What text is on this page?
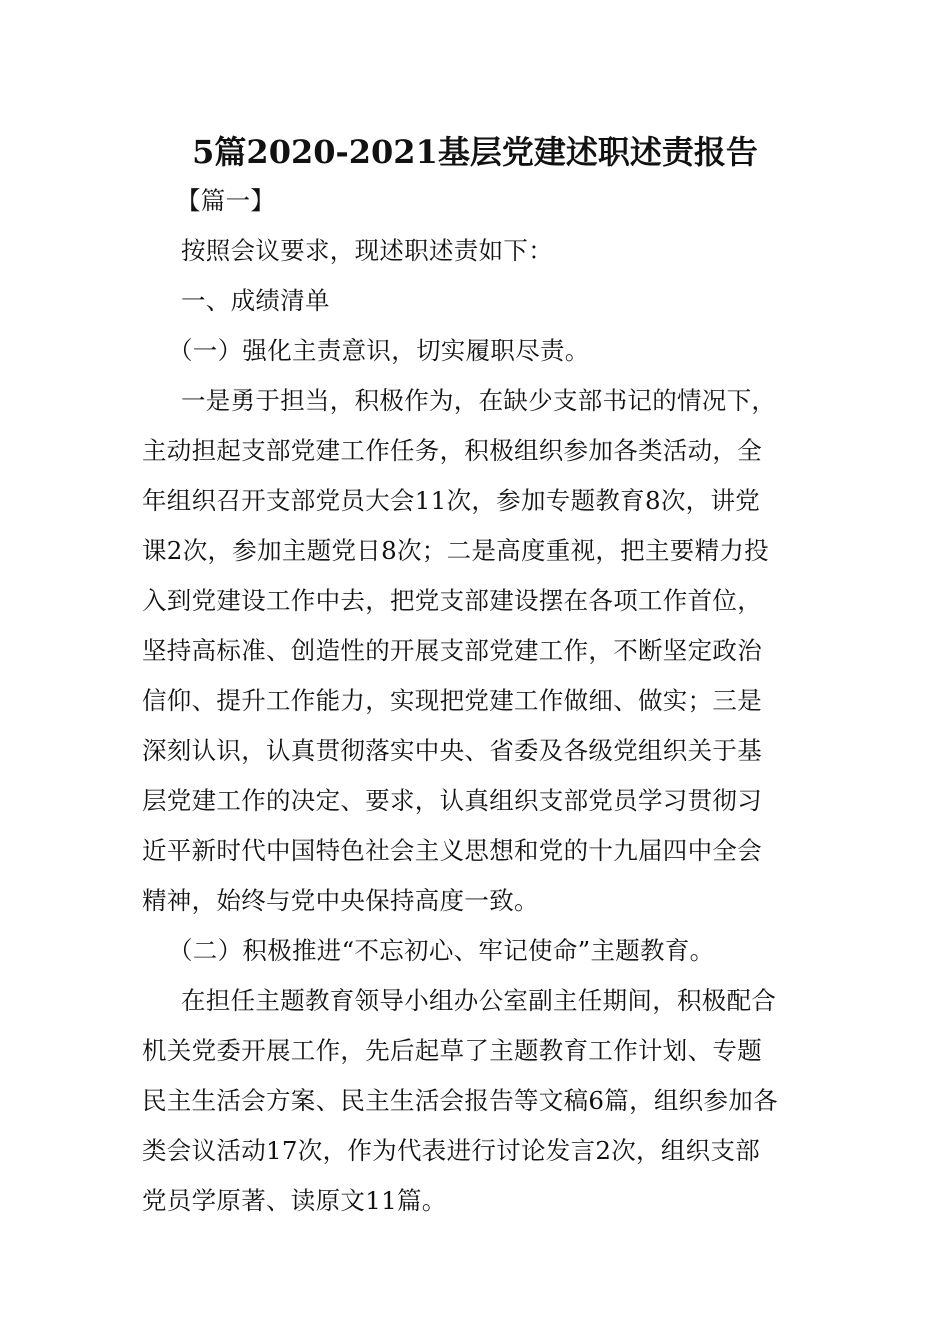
5篇2020-2021基层党建述职述责报告
【篇一】
按照会议要求，现述职述责如下：
一、成绩清单
（一）强化主责意识，切实履职尽责。
一是勇于担当，积极作为，在缺少支部书记的情况下，
主动担起支部党建工作任务，积极组织参加各类活动，全
年组织召开支部党员大会11次，参加专题教育8次，讲党
课2次，参加主题党日8次；二是高度重视，把主要精力投
入到党建设工作中去，把党支部建设摆在各项工作首位，
坚持高标准、创造性的开展支部党建工作，不断坚定政治
信仰、提升工作能力，实现把党建工作做细、做实；三是
深刻认识，认真贯彻落实中央、省委及各级党组织关于基
层党建工作的决定、要求，认真组织支部党员学习贯彻习
近平新时代中国特色社会主义思想和党的十九届四中全会
精神，始终与党中央保持高度一致。
（二）积极推进“不忘初心、牢记使命”主题教育。
在担任主题教育领导小组办公室副主任期间，积极配合
机关党委开展工作，先后起草了主题教育工作计划、专题
民主生活会方案、民主生活会报告等文稿6篇，组织参加各
类会议活动17次，作为代表进行讨论发言2次，组织支部
党员学原著、读原文11篇。
